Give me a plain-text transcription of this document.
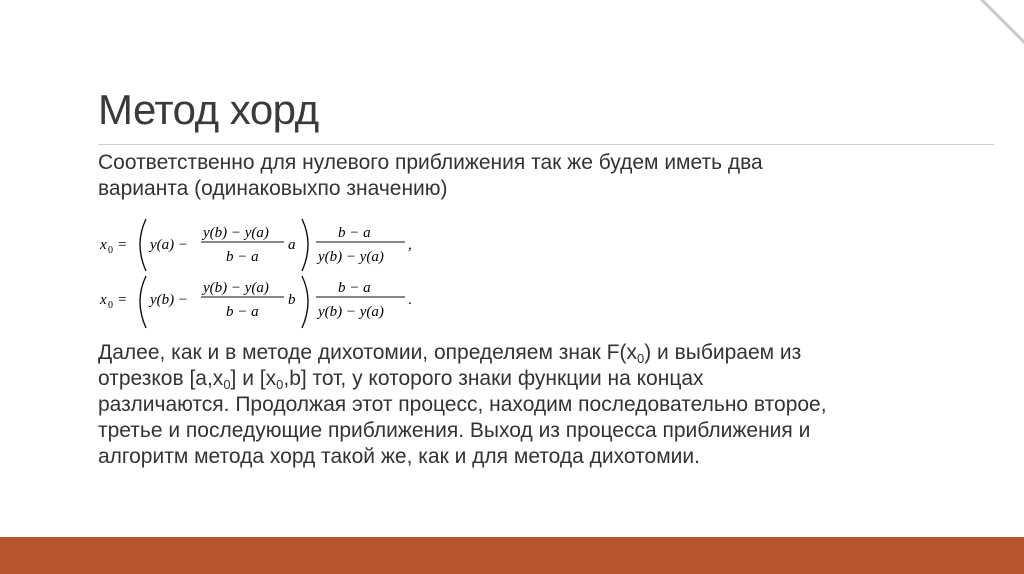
Метод хорд
Соответственно для нулевого приближения так же будем иметь два
варианта (одинаковыхпо значению)
x 0 = y(a) −
y(b) − y(a)
b − a
a
b − a
y(b) − y(a)
,
x 0 = y(b) −
y(b) − y(a)
b − a
b
b − a
y(b) − y(a)
.
Далее, как и в методе дихотомии, определяем знак $F(x_0)$ и выбираем из
отрезков $[a,x_0]$ и $[x_0,b]$ тот, у которого знаки функции на концах
различаются. Продолжая этот процесс, находим последовательно второе,
третье и последующие приближения. Выход из процесса приближения и
алгоритм метода хорд такой же, как и для метода дихотомии.
